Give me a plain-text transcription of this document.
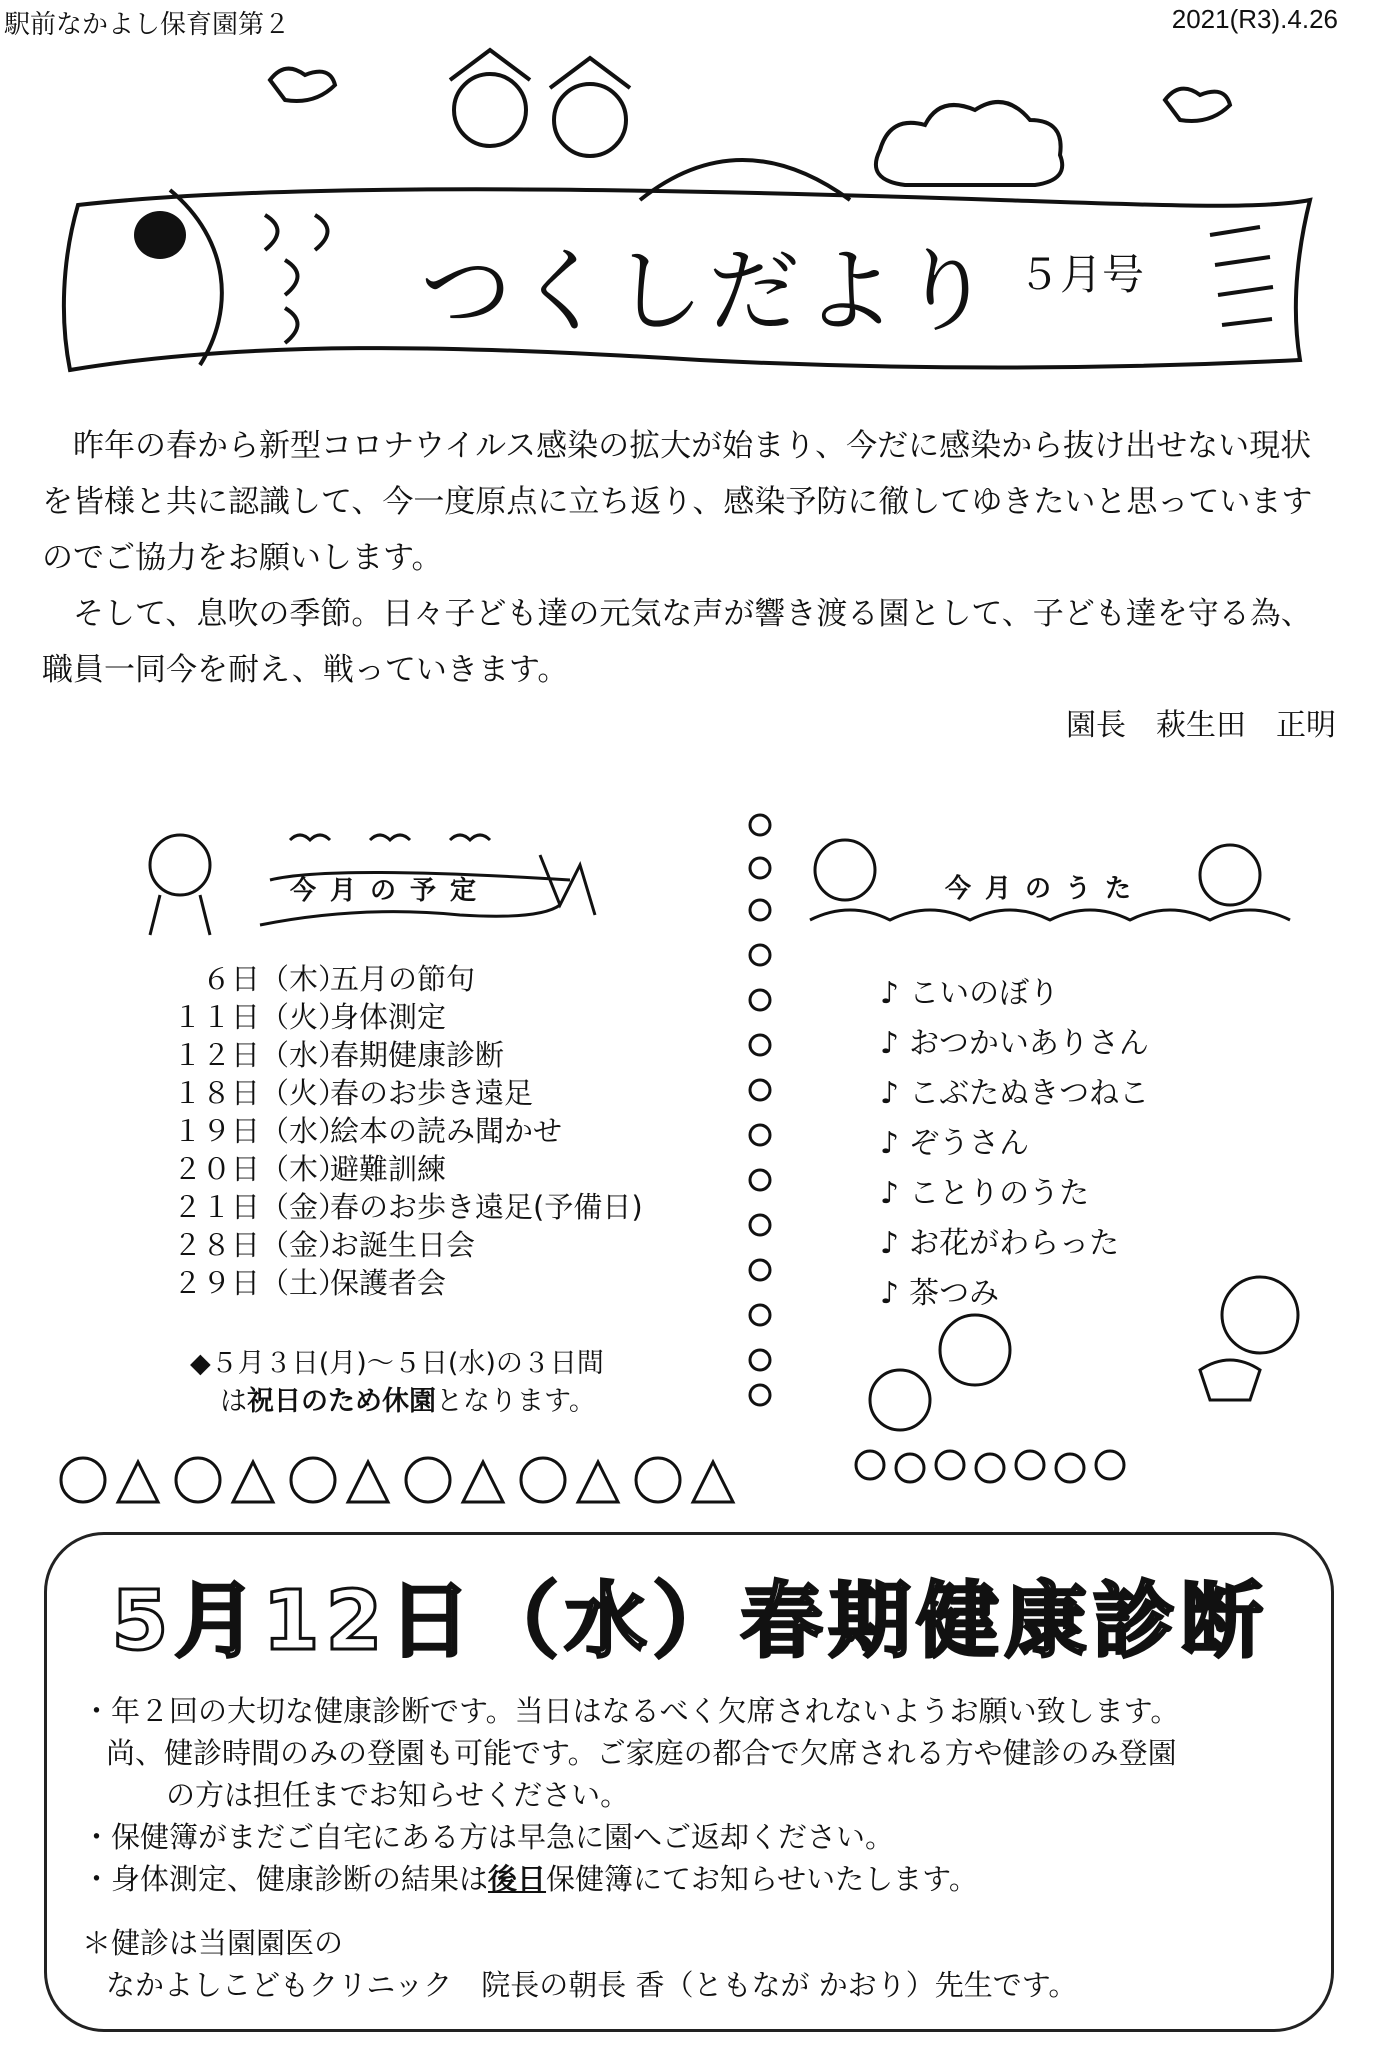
駅前なかよし保育園第２	2021(R3).4.26
つくしだより ５月号
昨年の春から新型コロナウイルス感染の拡大が始まり、今だに感染から抜け出せない現状を皆様と共に認識して、今一度原点に立ち返り、感染予防に徹してゆきたいと思っていますのでご協力をお願いします。
そして、息吹の季節。日々子ども達の元気な声が響き渡る園として、子ども達を守る為、職員一同今を耐え、戦っていきます。
園長　萩生田　正明
今月の予定
６日（木）五月の節句
１１日（火）身体測定
１２日（水）春期健康診断
１８日（火）春のお歩き遠足
１９日（水）絵本の読み聞かせ
２０日（木）避難訓練
２１日（金）春のお歩き遠足(予備日)
２８日（金）お誕生日会
２９日（土）保護者会
◆５月３日(月)～５日(水)の３日間
は祝日のため休園となります。
今月のうた
♪ こいのぼり
♪ おつかいありさん
♪ こぶたぬきつねこ
♪ ぞうさん
♪ ことりのうた
♪ お花がわらった
♪ 茶つみ
5月12日（水）春期健康診断
・年２回の大切な健康診断です。当日はなるべく欠席されないようお願い致します。
尚、健診時間のみの登園も可能です。ご家庭の都合で欠席される方や健診のみ登園
の方は担任までお知らせください。
・保健簿がまだご自宅にある方は早急に園へご返却ください。
・身体測定、健康診断の結果は後日保健簿にてお知らせいたします。
＊健診は当園園医の
なかよしこどもクリニック　院長の朝長 香（ともなが かおり）先生です。
